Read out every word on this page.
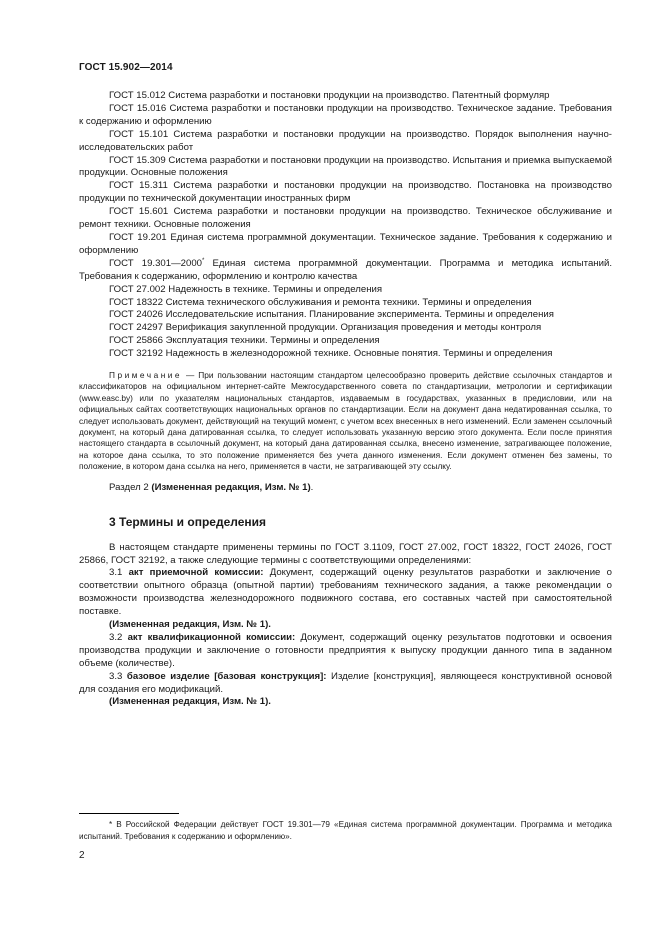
ГОСТ 15.902—2014

ГОСТ 15.012 Система разработки и постановки продукции на производство. Патентный формуляр

ГОСТ 15.016 Система разработки и постановки продукции на производство. Техническое задание. Требования к содержанию и оформлению

ГОСТ 15.101 Система разработки и постановки продукции на производство. Порядок выполнения научно-исследовательских работ

ГОСТ 15.309 Система разработки и постановки продукции на производство. Испытания и приемка выпускаемой продукции. Основные положения

ГОСТ 15.311 Система разработки и постановки продукции на производство. Постановка на производство продукции по технической документации иностранных фирм

ГОСТ 15.601 Система разработки и постановки продукции на производство. Техническое обслуживание и ремонт техники. Основные положения

ГОСТ 19.201 Единая система программной документации. Техническое задание. Требования к содержанию и оформлению

ГОСТ 19.301—2000* Единая система программной документации. Программа и методика испытаний. Требования к содержанию, оформлению и контролю качества

ГОСТ 27.002 Надежность в технике. Термины и определения

ГОСТ 18322 Система технического обслуживания и ремонта техники. Термины и определения

ГОСТ 24026 Исследовательские испытания. Планирование эксперимента. Термины и определения

ГОСТ 24297 Верификация закупленной продукции. Организация проведения и методы контроля

ГОСТ 25866 Эксплуатация техники. Термины и определения

ГОСТ 32192 Надежность в железнодорожной технике. Основные понятия. Термины и определения

Примечание — При пользовании настоящим стандартом целесообразно проверить действие ссылочных стандартов и классификаторов на официальном интернет-сайте Межгосударственного совета по стандартизации, метрологии и сертификации (www.easc.by) или по указателям национальных стандартов, издаваемым в государствах, указанных в предисловии, или на официальных сайтах соответствующих национальных органов по стандартизации. Если на документ дана недатированная ссылка, то следует использовать документ, действующий на текущий момент, с учетом всех внесенных в него изменений. Если заменен ссылочный документ, на который дана датированная ссылка, то следует использовать указанную версию этого документа. Если после принятия настоящего стандарта в ссылочный документ, на который дана датированная ссылка, внесено изменение, затрагивающее положение, на которое дана ссылка, то это положение применяется без учета данного изменения. Если документ отменен без замены, то положение, в котором дана ссылка на него, применяется в части, не затрагивающей эту ссылку.

Раздел 2 (Измененная редакция, Изм. № 1).

3 Термины и определения

В настоящем стандарте применены термины по ГОСТ 3.1109, ГОСТ 27.002, ГОСТ 18322, ГОСТ 24026, ГОСТ 25866, ГОСТ 32192, а также следующие термины с соответствующими определениями:

3.1 акт приемочной комиссии: Документ, содержащий оценку результатов разработки и заключение о соответствии опытного образца (опытной партии) требованиям технического задания, а также рекомендации о возможности производства железнодорожного подвижного состава, его составных частей при самостоятельной поставке.

(Измененная редакция, Изм. № 1).

3.2 акт квалификационной комиссии: Документ, содержащий оценку результатов подготовки и освоения производства продукции и заключение о готовности предприятия к выпуску продукции данного типа в заданном объеме (количестве).

3.3 базовое изделие [базовая конструкция]: Изделие [конструкция], являющееся конструктивной основой для создания его модификаций.

(Измененная редакция, Изм. № 1).

* В Российской Федерации действует ГОСТ 19.301—79 «Единая система программной документации. Программа и методика испытаний. Требования к содержанию и оформлению».

2
